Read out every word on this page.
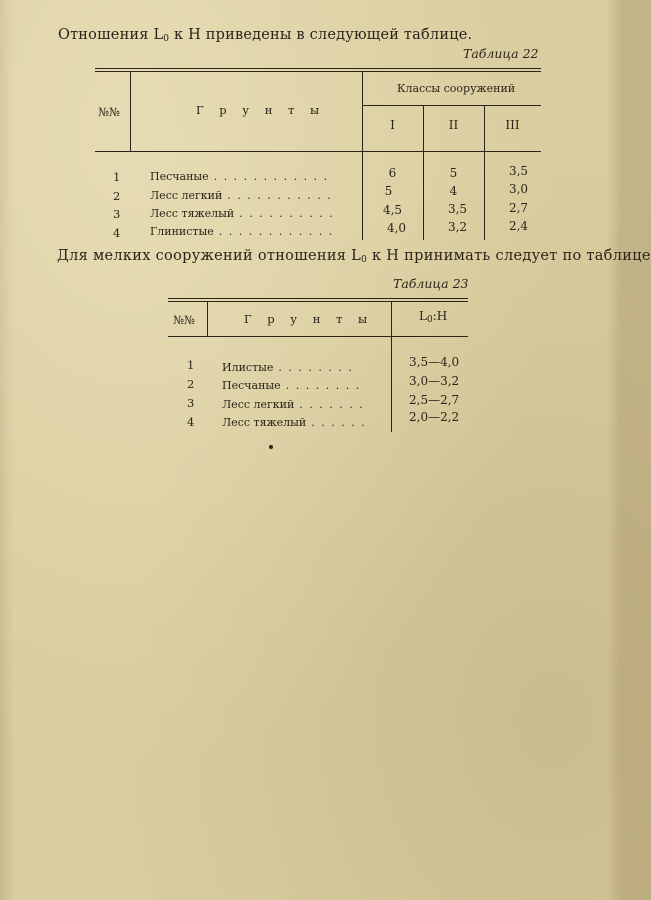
Отношения $L_0$ к H приведены в следующей таблице.
Таблица 22
№№	Г р у н т ы
Классы сооружений
I	II	III
1	Песчаные . . . . . . . . . . . .	6	5	3,5
2	Лесс легкий . . . . . . . . . . .	5	4	3,0
3	Лесс тяжелый . . . . . . . . . .	4,5	3,5	2,7
4	Глинистые . . . . . . . . . . . .	4,0	3,2	2,4
Для мелких сооружений отношения $L_0$ к H принимать следует по таблице
Таблица 23
№№	Г р у н т ы	$L_0:H$
1	Илистые . . . . . . . .	3,5—4,0
2	Песчаные . . . . . . . .	3,0—3,2
3	Лесс легкий . . . . . . .	2,5—2,7
4	Лесс тяжелый . . . . . .	2,0—2,2
